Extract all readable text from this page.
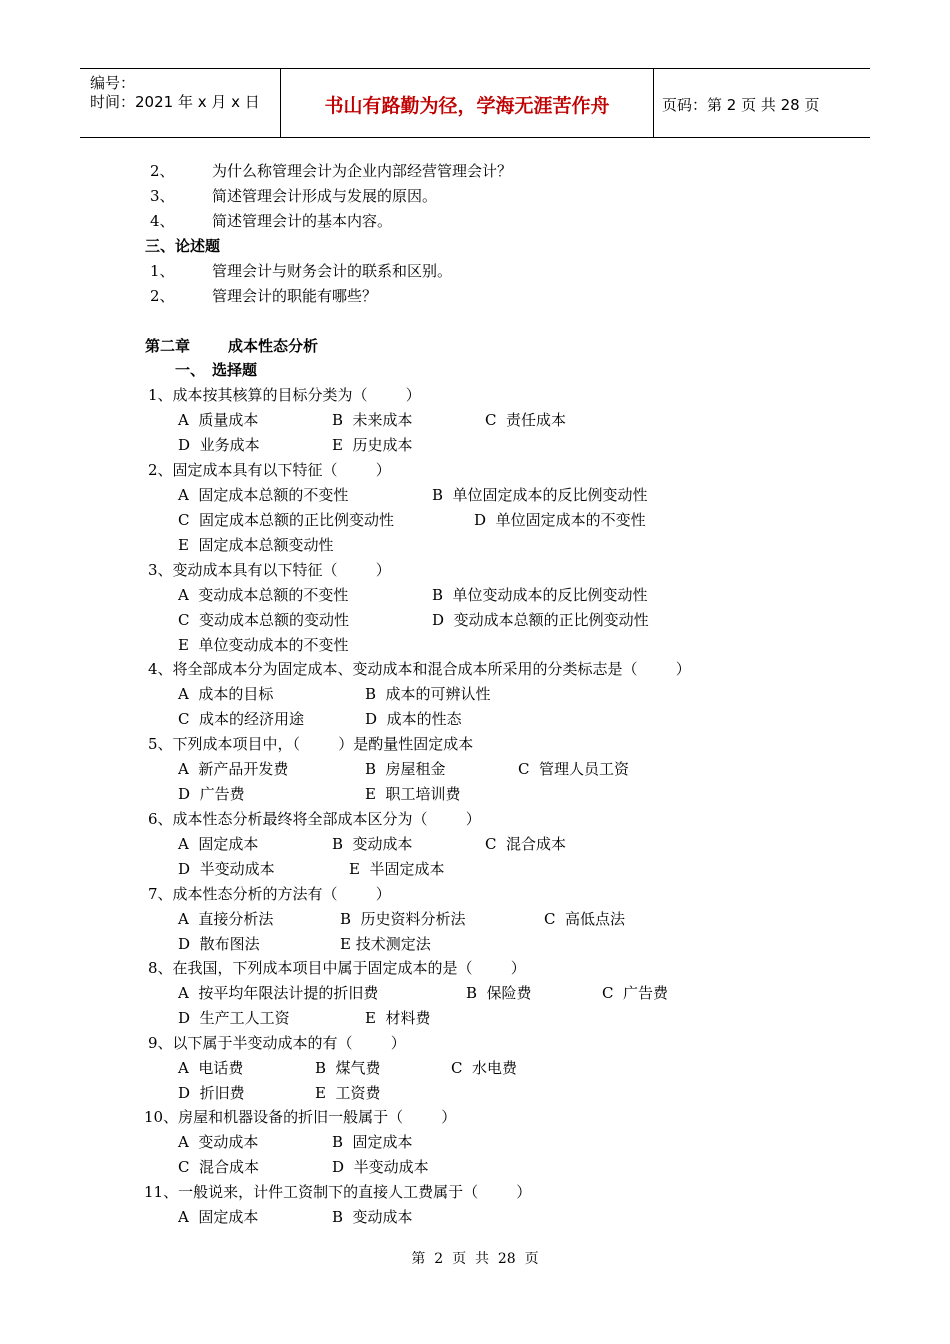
编号：
时间：2021 年 x 月 x 日	书山有路勤为径，学海无涯苦作舟	页码：第 2 页 共 28 页
2、 为什么称管理会计为企业内部经营管理会计？
3、 简述管理会计形成与发展的原因。
4、 简述管理会计的基本内容。
三、论述题
1、 管理会计与财务会计的联系和区别。
2、 管理会计的职能有哪些？
第二章	成本性态分析
一、 选择题
1、成本按其核算的目标分类为（        ）
A  质量成本	B  未来成本	C  责任成本
D  业务成本	E  历史成本
2、固定成本具有以下特征（        ）
A  固定成本总额的不变性	B  单位固定成本的反比例变动性
C  固定成本总额的正比例变动性	D  单位固定成本的不变性
E  固定成本总额变动性
3、变动成本具有以下特征（        ）
A  变动成本总额的不变性	B  单位变动成本的反比例变动性
C  变动成本总额的变动性	D  变动成本总额的正比例变动性
E  单位变动成本的不变性
4、将全部成本分为固定成本、变动成本和混合成本所采用的分类标志是（        ）
A  成本的目标	B  成本的可辨认性
C  成本的经济用途	D  成本的性态
5、下列成本项目中，（        ）是酌量性固定成本
A  新产品开发费	B  房屋租金	C  管理人员工资
D  广告费	E  职工培训费
6、成本性态分析最终将全部成本区分为（        ）
A  固定成本	B  变动成本	C  混合成本
D  半变动成本	E  半固定成本
7、成本性态分析的方法有（        ）
A  直接分析法	B  历史资料分析法	C  高低点法
D  散布图法	E 技术测定法
8、在我国，下列成本项目中属于固定成本的是（        ）
A  按平均年限法计提的折旧费	B  保险费	C  广告费
D  生产工人工资	E  材料费
9、以下属于半变动成本的有（        ）
A  电话费	B  煤气费	C  水电费
D  折旧费	E  工资费
10、房屋和机器设备的折旧一般属于（        ）
A  变动成本	B  固定成本
C  混合成本	D  半变动成本
11、一般说来，计件工资制下的直接人工费属于（        ）
A  固定成本	B  变动成本
第  2  页  共  28  页
